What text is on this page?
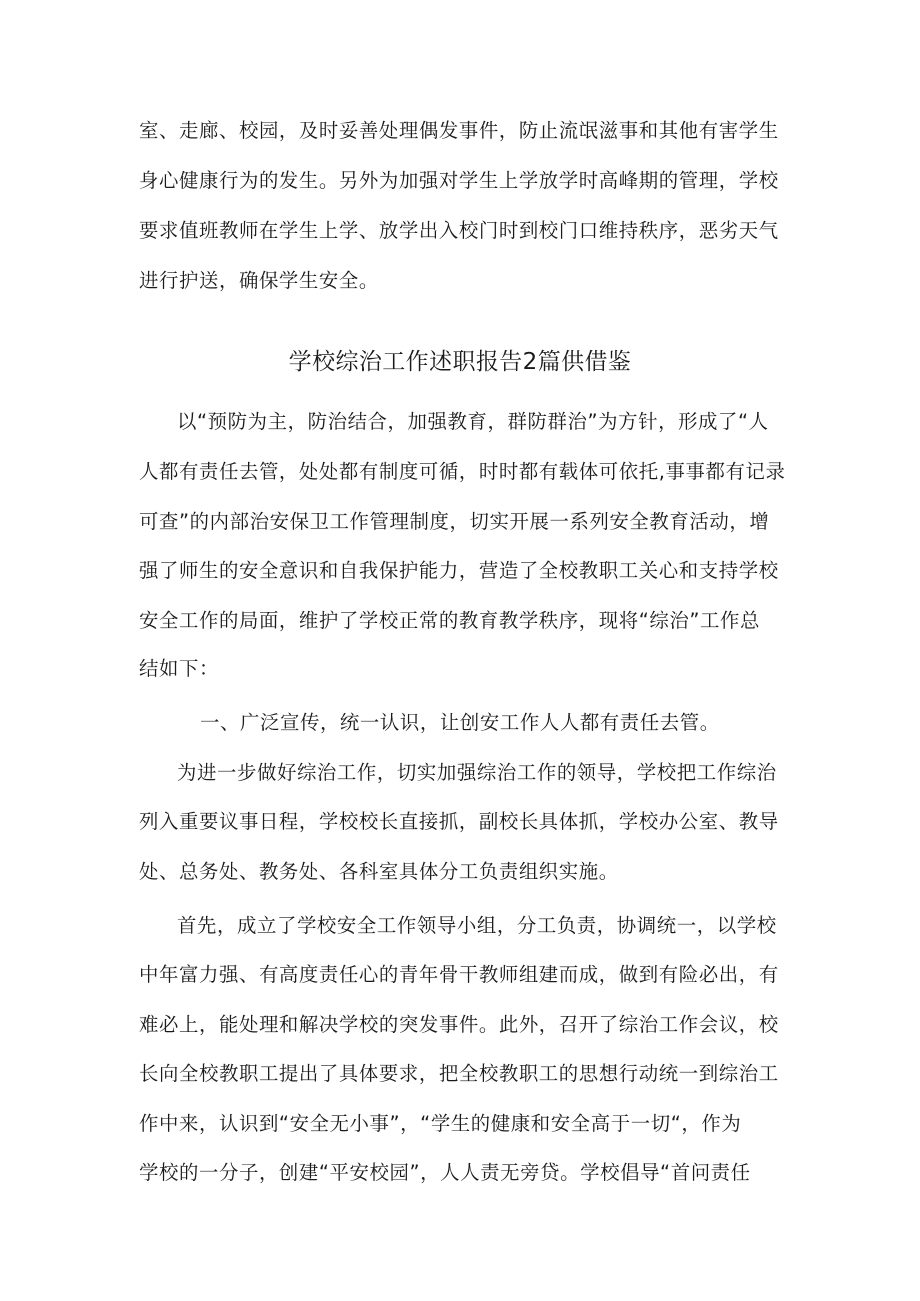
室、走廊、校园，及时妥善处理偶发事件，防止流氓滋事和其他有害学生
身心健康行为的发生。另外为加强对学生上学放学时高峰期的管理，学校
要求值班教师在学生上学、放学出入校门时到校门口维持秩序，恶劣天气
进行护送，确保学生安全。
学校综治工作述职报告2篇供借鉴
以“预防为主，防治结合，加强教育，群防群治”为方针，形成了“人
人都有责任去管，处处都有制度可循，时时都有载体可依托,事事都有记录
可查”的内部治安保卫工作管理制度，切实开展一系列安全教育活动，增
强了师生的安全意识和自我保护能力，营造了全校教职工关心和支持学校
安全工作的局面，维护了学校正常的教育教学秩序，现将“综治”工作总
结如下：
一、广泛宣传，统一认识，让创安工作人人都有责任去管。
为进一步做好综治工作，切实加强综治工作的领导，学校把工作综治
列入重要议事日程，学校校长直接抓，副校长具体抓，学校办公室、教导
处、总务处、教务处、各科室具体分工负责组织实施。
首先，成立了学校安全工作领导小组，分工负责，协调统一，以学校
中年富力强、有高度责任心的青年骨干教师组建而成，做到有险必出，有
难必上，能处理和解决学校的突发事件。此外，召开了综治工作会议，校
长向全校教职工提出了具体要求，把全校教职工的思想行动统一到综治工
作中来，认识到“安全无小事”，“学生的健康和安全高于一切“，作为
学校的一分子，创建“平安校园”，人人责无旁贷。学校倡导“首问责任
